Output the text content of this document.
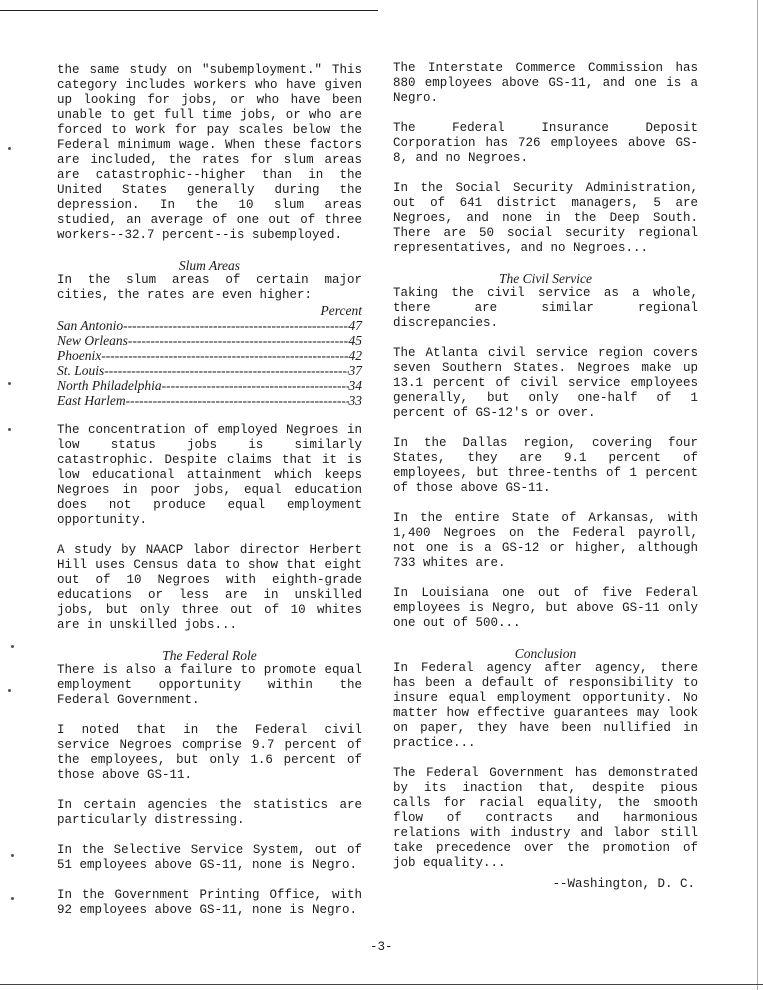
the same study on "subemployment." This category includes workers who have given up looking for jobs, or who have been unable to get full time jobs, or who are forced to work for pay scales below the Federal minimum wage. When these factors are included, the rates for slum areas are catastrophic--higher than in the United States generally during the depression. In the 10 slum areas studied, an average of one out of three workers--32.7 percent--is subemployed.

Slum Areas

In the slum areas of certain major cities, the rates are even higher:

Percent
San Antonio -----	47
New Orleans -----	45
Phoenix -----	42
St. Louis -----	37
North Philadelphia -----	34
East Harlem -----	33

The concentration of employed Negroes in low status jobs is similarly catastrophic. Despite claims that it is low educational attainment which keeps Negroes in poor jobs, equal education does not produce equal employment opportunity.

A study by NAACP labor director Herbert Hill uses Census data to show that eight out of 10 Negroes with eighth-grade educations or less are in unskilled jobs, but only three out of 10 whites are in unskilled jobs...

The Federal Role

There is also a failure to promote equal employment opportunity within the Federal Government.

I noted that in the Federal civil service Negroes comprise 9.7 percent of the employees, but only 1.6 percent of those above GS-11.

In certain agencies the statistics are particularly distressing.

In the Selective Service System, out of 51 employees above GS-11, none is Negro.

In the Government Printing Office, with 92 employees above GS-11, none is Negro.

The Interstate Commerce Commission has 880 employees above GS-11, and one is a Negro.

The Federal Insurance Deposit Corporation has 726 employees above GS-8, and no Negroes.

In the Social Security Administration, out of 641 district managers, 5 are Negroes, and none in the Deep South. There are 50 social security regional representatives, and no Negroes...

The Civil Service

Taking the civil service as a whole, there are similar regional discrepancies.

The Atlanta civil service region covers seven Southern States. Negroes make up 13.1 percent of civil service employees generally, but only one-half of 1 percent of GS-12's or over.

In the Dallas region, covering four States, they are 9.1 percent of employees, but three-tenths of 1 percent of those above GS-11.

In the entire State of Arkansas, with 1,400 Negroes on the Federal payroll, not one is a GS-12 or higher, although 733 whites are.

In Louisiana one out of five Federal employees is Negro, but above GS-11 only one out of 500...

Conclusion

In Federal agency after agency, there has been a default of responsibility to insure equal employment opportunity. No matter how effective guarantees may look on paper, they have been nullified in practice...

The Federal Government has demonstrated by its inaction that, despite pious calls for racial equality, the smooth flow of contracts and harmonious relations with industry and labor still take precedence over the promotion of job equality...

--Washington, D. C.
-3-
